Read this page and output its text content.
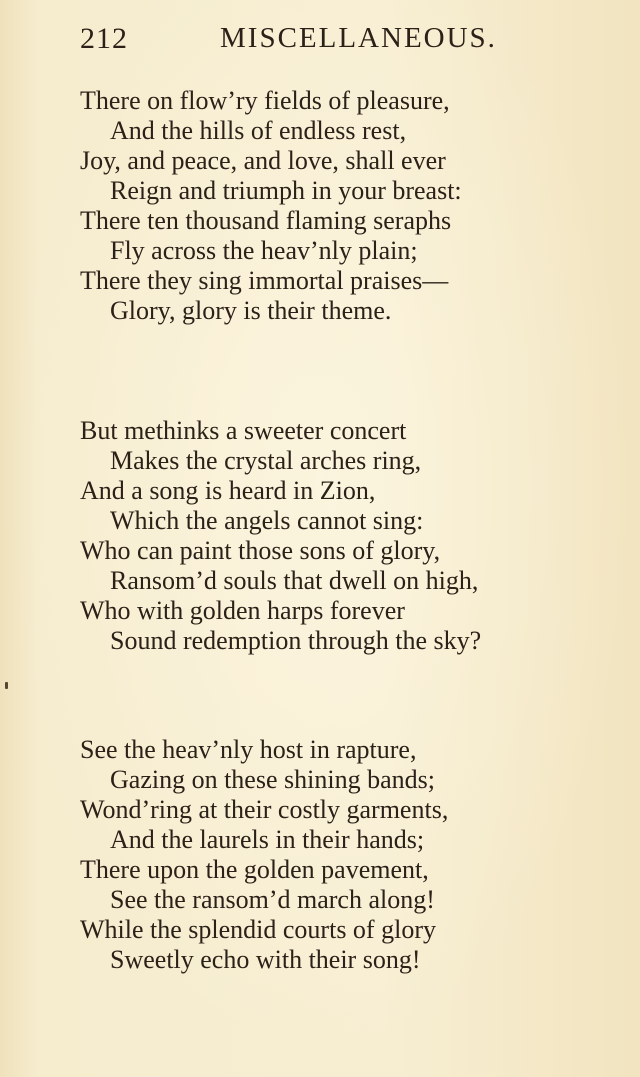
212	MISCELLANEOUS.
There on flow’ry fields of pleasure,
And the hills of endless rest,
Joy, and peace, and love, shall ever
Reign and triumph in your breast:
There ten thousand flaming seraphs
Fly across the heav’nly plain;
There they sing immortal praises—
Glory, glory is their theme.
But methinks a sweeter concert
Makes the crystal arches ring,
And a song is heard in Zion,
Which the angels cannot sing:
Who can paint those sons of glory,
Ransom’d souls that dwell on high,
Who with golden harps forever
Sound redemption through the sky?
See the heav’nly host in rapture,
Gazing on these shining bands;
Wond’ring at their costly garments,
And the laurels in their hands;
There upon the golden pavement,
See the ransom’d march along!
While the splendid courts of glory
Sweetly echo with their song!
